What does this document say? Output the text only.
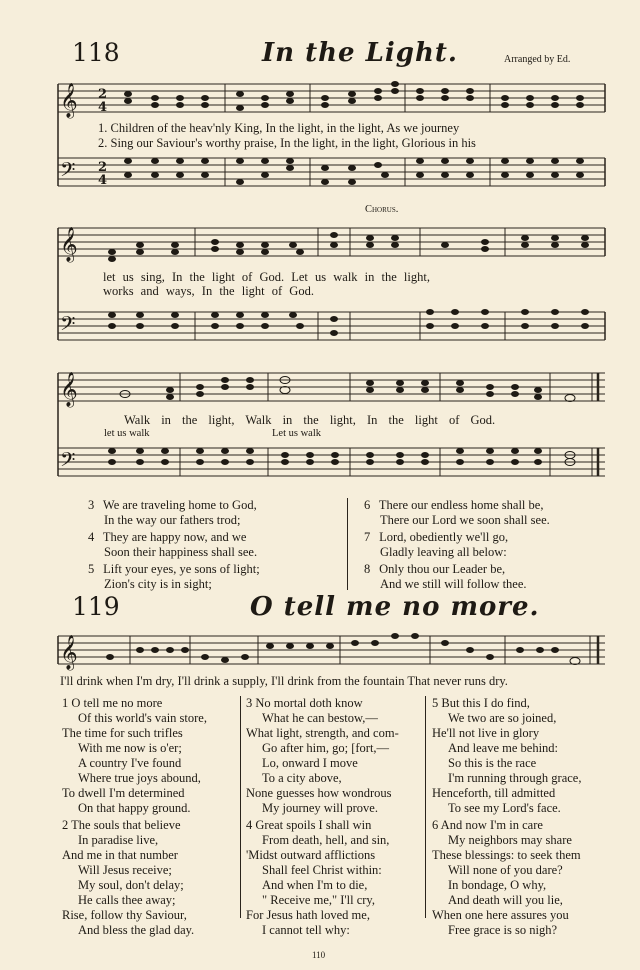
118	In the Light.	Arranged by Ed.
𝄞
𝄢
2
4
2
4
𝄞
𝄢
𝄞
𝄢
𝄞
1. Children of the heav'nly King, In the light, in the light, As we journey
2. Sing our Saviour's worthy praise, In the light, in the light, Glorious in his
Chorus.
let us sing, In the light of God. Let us walk in the light,
works and ways, In the light of God.
Walk in the light, Walk in the light, In the light of God.
let us walk	Let us walk
3 We are traveling home to God,
In the way our fathers trod;
4 They are happy now, and we
Soon their happiness shall see.
5 Lift your eyes, ye sons of light;
Zion's city is in sight;
6 There our endless home shall be,
There our Lord we soon shall see.
7 Lord, obediently we'll go,
Gladly leaving all below:
8 Only thou our Leader be,
And we still will follow thee.
119	O tell me no more.
I'll drink when I'm dry, I'll drink a supply, I'll drink from the fountain That never runs dry.
1 O tell me no more
Of this world's vain store,
The time for such trifles
With me now is o'er;
A country I've found
Where true joys abound,
To dwell I'm determined
On that happy ground.
2 The souls that believe
In paradise live,
And me in that number
Will Jesus receive;
My soul, don't delay;
He calls thee away;
Rise, follow thy Saviour,
And bless the glad day.
3 No mortal doth know
What he can bestow,—
What light, strength, and com-
Go after him, go; [fort,—
Lo, onward I move
To a city above,
None guesses how wondrous
My journey will prove.
4 Great spoils I shall win
From death, hell, and sin,
'Midst outward afflictions
Shall feel Christ within:
And when I'm to die,
" Receive me," I'll cry,
For Jesus hath loved me,
I cannot tell why:
5 But this I do find,
We two are so joined,
He'll not live in glory
And leave me behind:
So this is the race
I'm running through grace,
Henceforth, till admitted
To see my Lord's face.
6 And now I'm in care
My neighbors may share
These blessings: to seek them
Will none of you dare?
In bondage, O why,
And death will you lie,
When one here assures you
Free grace is so nigh?
110
